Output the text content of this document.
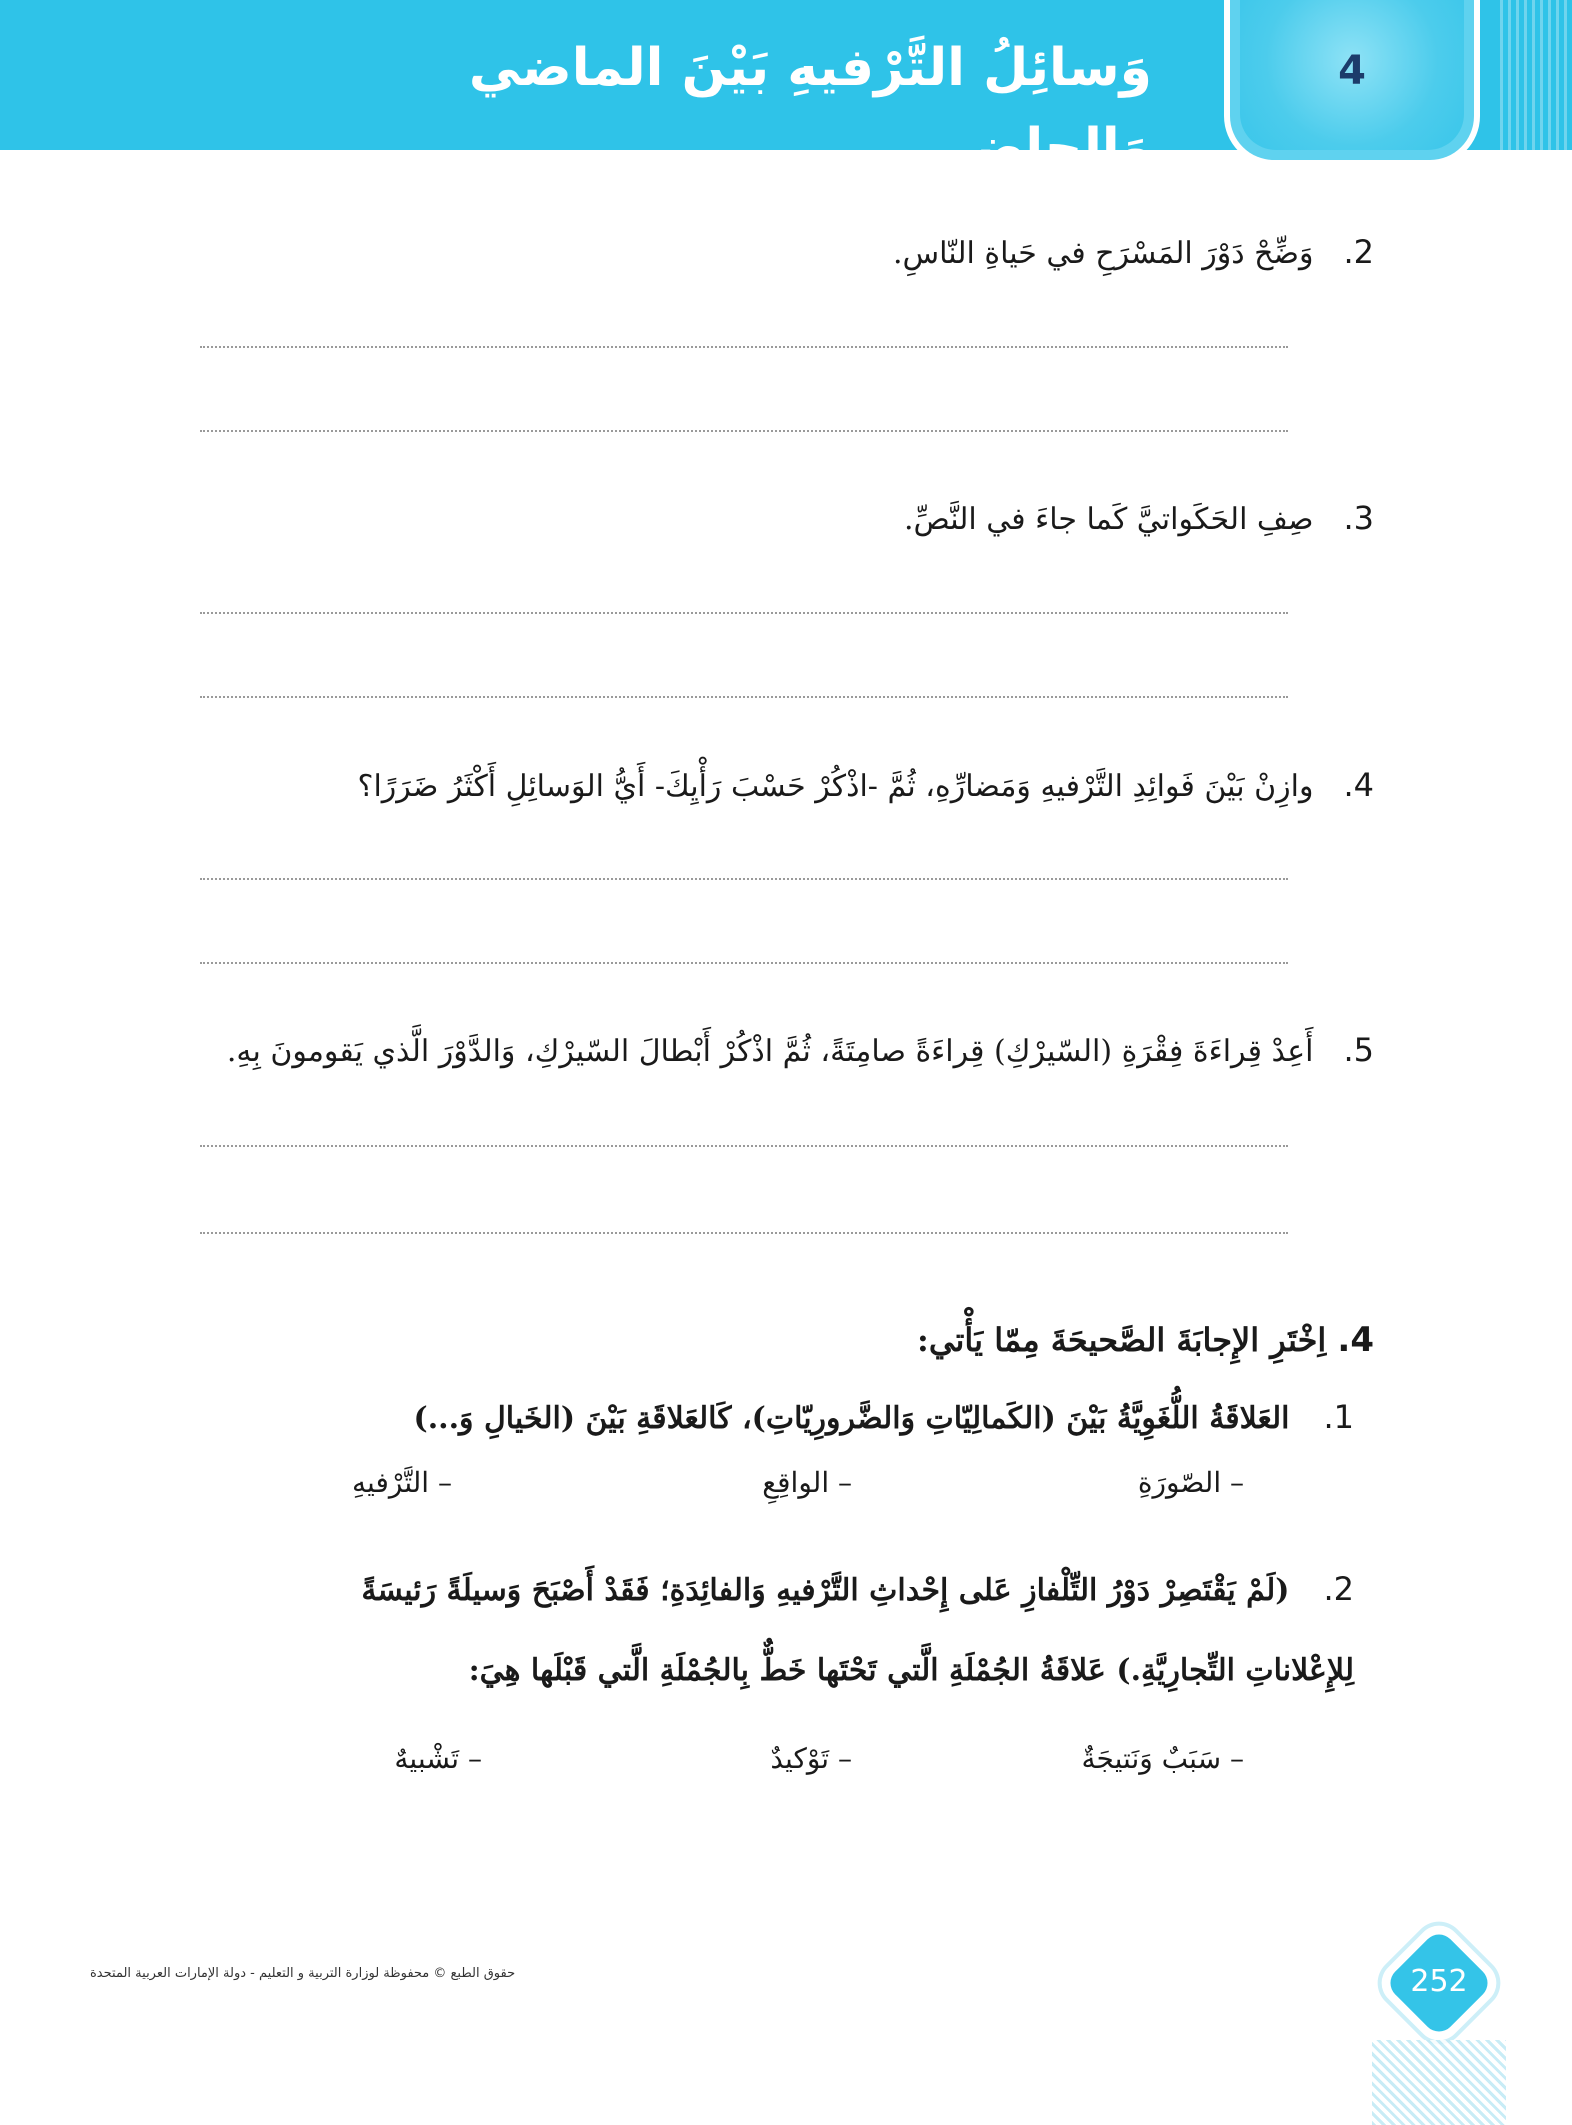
وَسائِلُ التَّرْفيهِ بَيْنَ الماضي وَالحاضِرِ
4
2.وَضِّحْ دَوْرَ المَسْرَحِ في حَياةِ النّاسِ.
3.صِفِ الحَكَواتيَّ كَما جاءَ في النَّصِّ.
4.وازِنْ بَيْنَ فَوائِدِ التَّرْفيهِ وَمَضارِّهِ، ثُمَّ -اذْكُرْ حَسْبَ رَأْيِكَ- أَيُّ الوَسائِلِ أَكْثَرُ ضَرَرًا؟
5.أَعِدْ قِراءَةَ فِقْرَةِ (السّيرْكِ) قِراءَةً صامِتَةً، ثُمَّ اذْكُرْ أَبْطالَ السّيرْكِ، وَالدَّوْرَ الَّذي يَقومونَ بِهِ.
4. اِخْتَرِ الإِجابَةَ الصَّحيحَةَ مِمّا يَأْتي:
1.العَلاقَةُ اللُّغَوِيَّةُ بَيْنَ (الكَمالِيّاتِ وَالضَّرورِيّاتِ)، كَالعَلاقَةِ بَيْنَ (الخَيالِ وَ...)
– الصّورَةِ
– الواقِعِ
– التَّرْفيهِ
2.(لَمْ يَقْتَصِرْ دَوْرُ التِّلْفازِ عَلى إِحْداثِ التَّرْفيهِ وَالفائِدَةِ؛ فَقَدْ أَصْبَحَ وَسيلَةً رَئيسَةً
لِلإِعْلاناتِ التِّجارِيَّةِ.) عَلاقَةُ الجُمْلَةِ الَّتي تَحْتَها خَطٌّ بِالجُمْلَةِ الَّتي قَبْلَها هِيَ:
– سَبَبٌ وَنَتيجَةٌ
– تَوْكيدٌ
– تَشْبيهٌ
حقوق الطبع © محفوظة لوزارة التربية و التعليم - دولة الإمارات العربية المتحدة	252
